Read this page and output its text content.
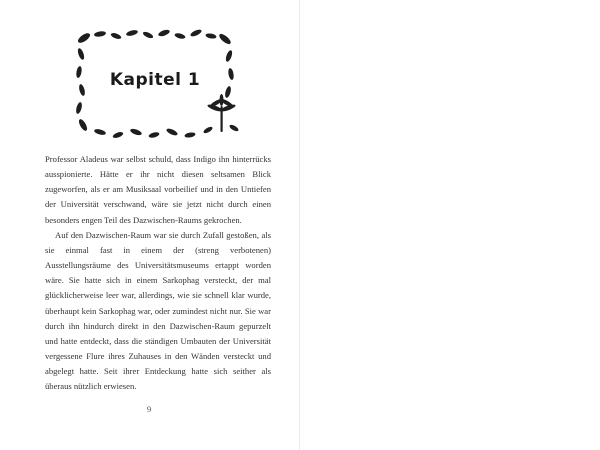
Kapitel 1

Professor Aladeus war selbst schuld, dass Indigo ihn hinterrücks ausspionierte. Hätte er ihr nicht diesen seltsamen Blick zugeworfen, als er am Musiksaal vorbeilief und in den Untiefen der Universität verschwand, wäre sie jetzt nicht durch einen besonders engen Teil des Dazwischen-Raums gekrochen.

Auf den Dazwischen-Raum war sie durch Zufall gestoßen, als sie einmal fast in einem der (streng verbotenen) Ausstellungsräume des Universitätsmuseums ertappt worden wäre. Sie hatte sich in einem Sarkophag versteckt, der mal glücklicherweise leer war, allerdings, wie sie schnell klar wurde, überhaupt kein Sarkophag war, oder zumindest nicht nur. Sie war durch ihn hindurch direkt in den Dazwischen-Raum gepurzelt und hatte entdeckt, dass die ständigen Umbauten der Universität vergessene Flure ihres Zuhauses in den Wänden versteckt und abgelegt hatte. Seit ihrer Entdeckung hatte sich seither als überaus nützlich erwiesen.

9
